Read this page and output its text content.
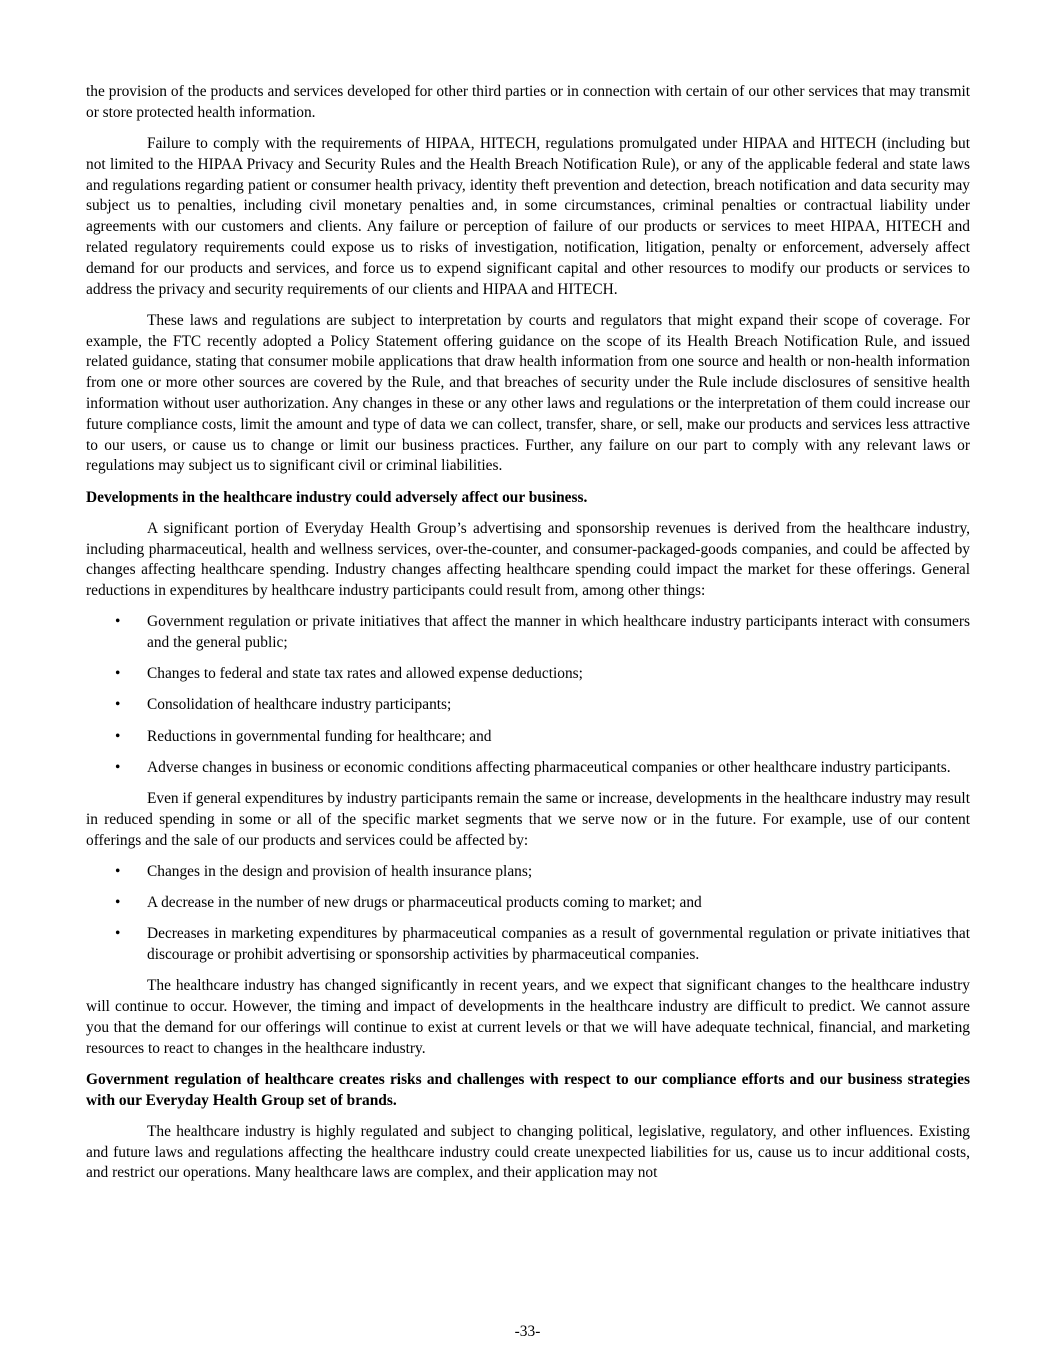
the provision of the products and services developed for other third parties or in connection with certain of our other services that may transmit or store protected health information.

Failure to comply with the requirements of HIPAA, HITECH, regulations promulgated under HIPAA and HITECH (including but not limited to the HIPAA Privacy and Security Rules and the Health Breach Notification Rule), or any of the applicable federal and state laws and regulations regarding patient or consumer health privacy, identity theft prevention and detection, breach notification and data security may subject us to penalties, including civil monetary penalties and, in some circumstances, criminal penalties or contractual liability under agreements with our customers and clients. Any failure or perception of failure of our products or services to meet HIPAA, HITECH and related regulatory requirements could expose us to risks of investigation, notification, litigation, penalty or enforcement, adversely affect demand for our products and services, and force us to expend significant capital and other resources to modify our products or services to address the privacy and security requirements of our clients and HIPAA and HITECH.

These laws and regulations are subject to interpretation by courts and regulators that might expand their scope of coverage. For example, the FTC recently adopted a Policy Statement offering guidance on the scope of its Health Breach Notification Rule, and issued related guidance, stating that consumer mobile applications that draw health information from one source and health or non-health information from one or more other sources are covered by the Rule, and that breaches of security under the Rule include disclosures of sensitive health information without user authorization. Any changes in these or any other laws and regulations or the interpretation of them could increase our future compliance costs, limit the amount and type of data we can collect, transfer, share, or sell, make our products and services less attractive to our users, or cause us to change or limit our business practices. Further, any failure on our part to comply with any relevant laws or regulations may subject us to significant civil or criminal liabilities.

Developments in the healthcare industry could adversely affect our business.

A significant portion of Everyday Health Group’s advertising and sponsorship revenues is derived from the healthcare industry, including pharmaceutical, health and wellness services, over-the-counter, and consumer-packaged-goods companies, and could be affected by changes affecting healthcare spending. Industry changes affecting healthcare spending could impact the market for these offerings. General reductions in expenditures by healthcare industry participants could result from, among other things:

• Government regulation or private initiatives that affect the manner in which healthcare industry participants interact with consumers and the general public;
• Changes to federal and state tax rates and allowed expense deductions;
• Consolidation of healthcare industry participants;
• Reductions in governmental funding for healthcare; and
• Adverse changes in business or economic conditions affecting pharmaceutical companies or other healthcare industry participants.

Even if general expenditures by industry participants remain the same or increase, developments in the healthcare industry may result in reduced spending in some or all of the specific market segments that we serve now or in the future. For example, use of our content offerings and the sale of our products and services could be affected by:

• Changes in the design and provision of health insurance plans;
• A decrease in the number of new drugs or pharmaceutical products coming to market; and
• Decreases in marketing expenditures by pharmaceutical companies as a result of governmental regulation or private initiatives that discourage or prohibit advertising or sponsorship activities by pharmaceutical companies.

The healthcare industry has changed significantly in recent years, and we expect that significant changes to the healthcare industry will continue to occur. However, the timing and impact of developments in the healthcare industry are difficult to predict. We cannot assure you that the demand for our offerings will continue to exist at current levels or that we will have adequate technical, financial, and marketing resources to react to changes in the healthcare industry.

Government regulation of healthcare creates risks and challenges with respect to our compliance efforts and our business strategies with our Everyday Health Group set of brands.

The healthcare industry is highly regulated and subject to changing political, legislative, regulatory, and other influences. Existing and future laws and regulations affecting the healthcare industry could create unexpected liabilities for us, cause us to incur additional costs, and restrict our operations. Many healthcare laws are complex, and their application may not

-33-
